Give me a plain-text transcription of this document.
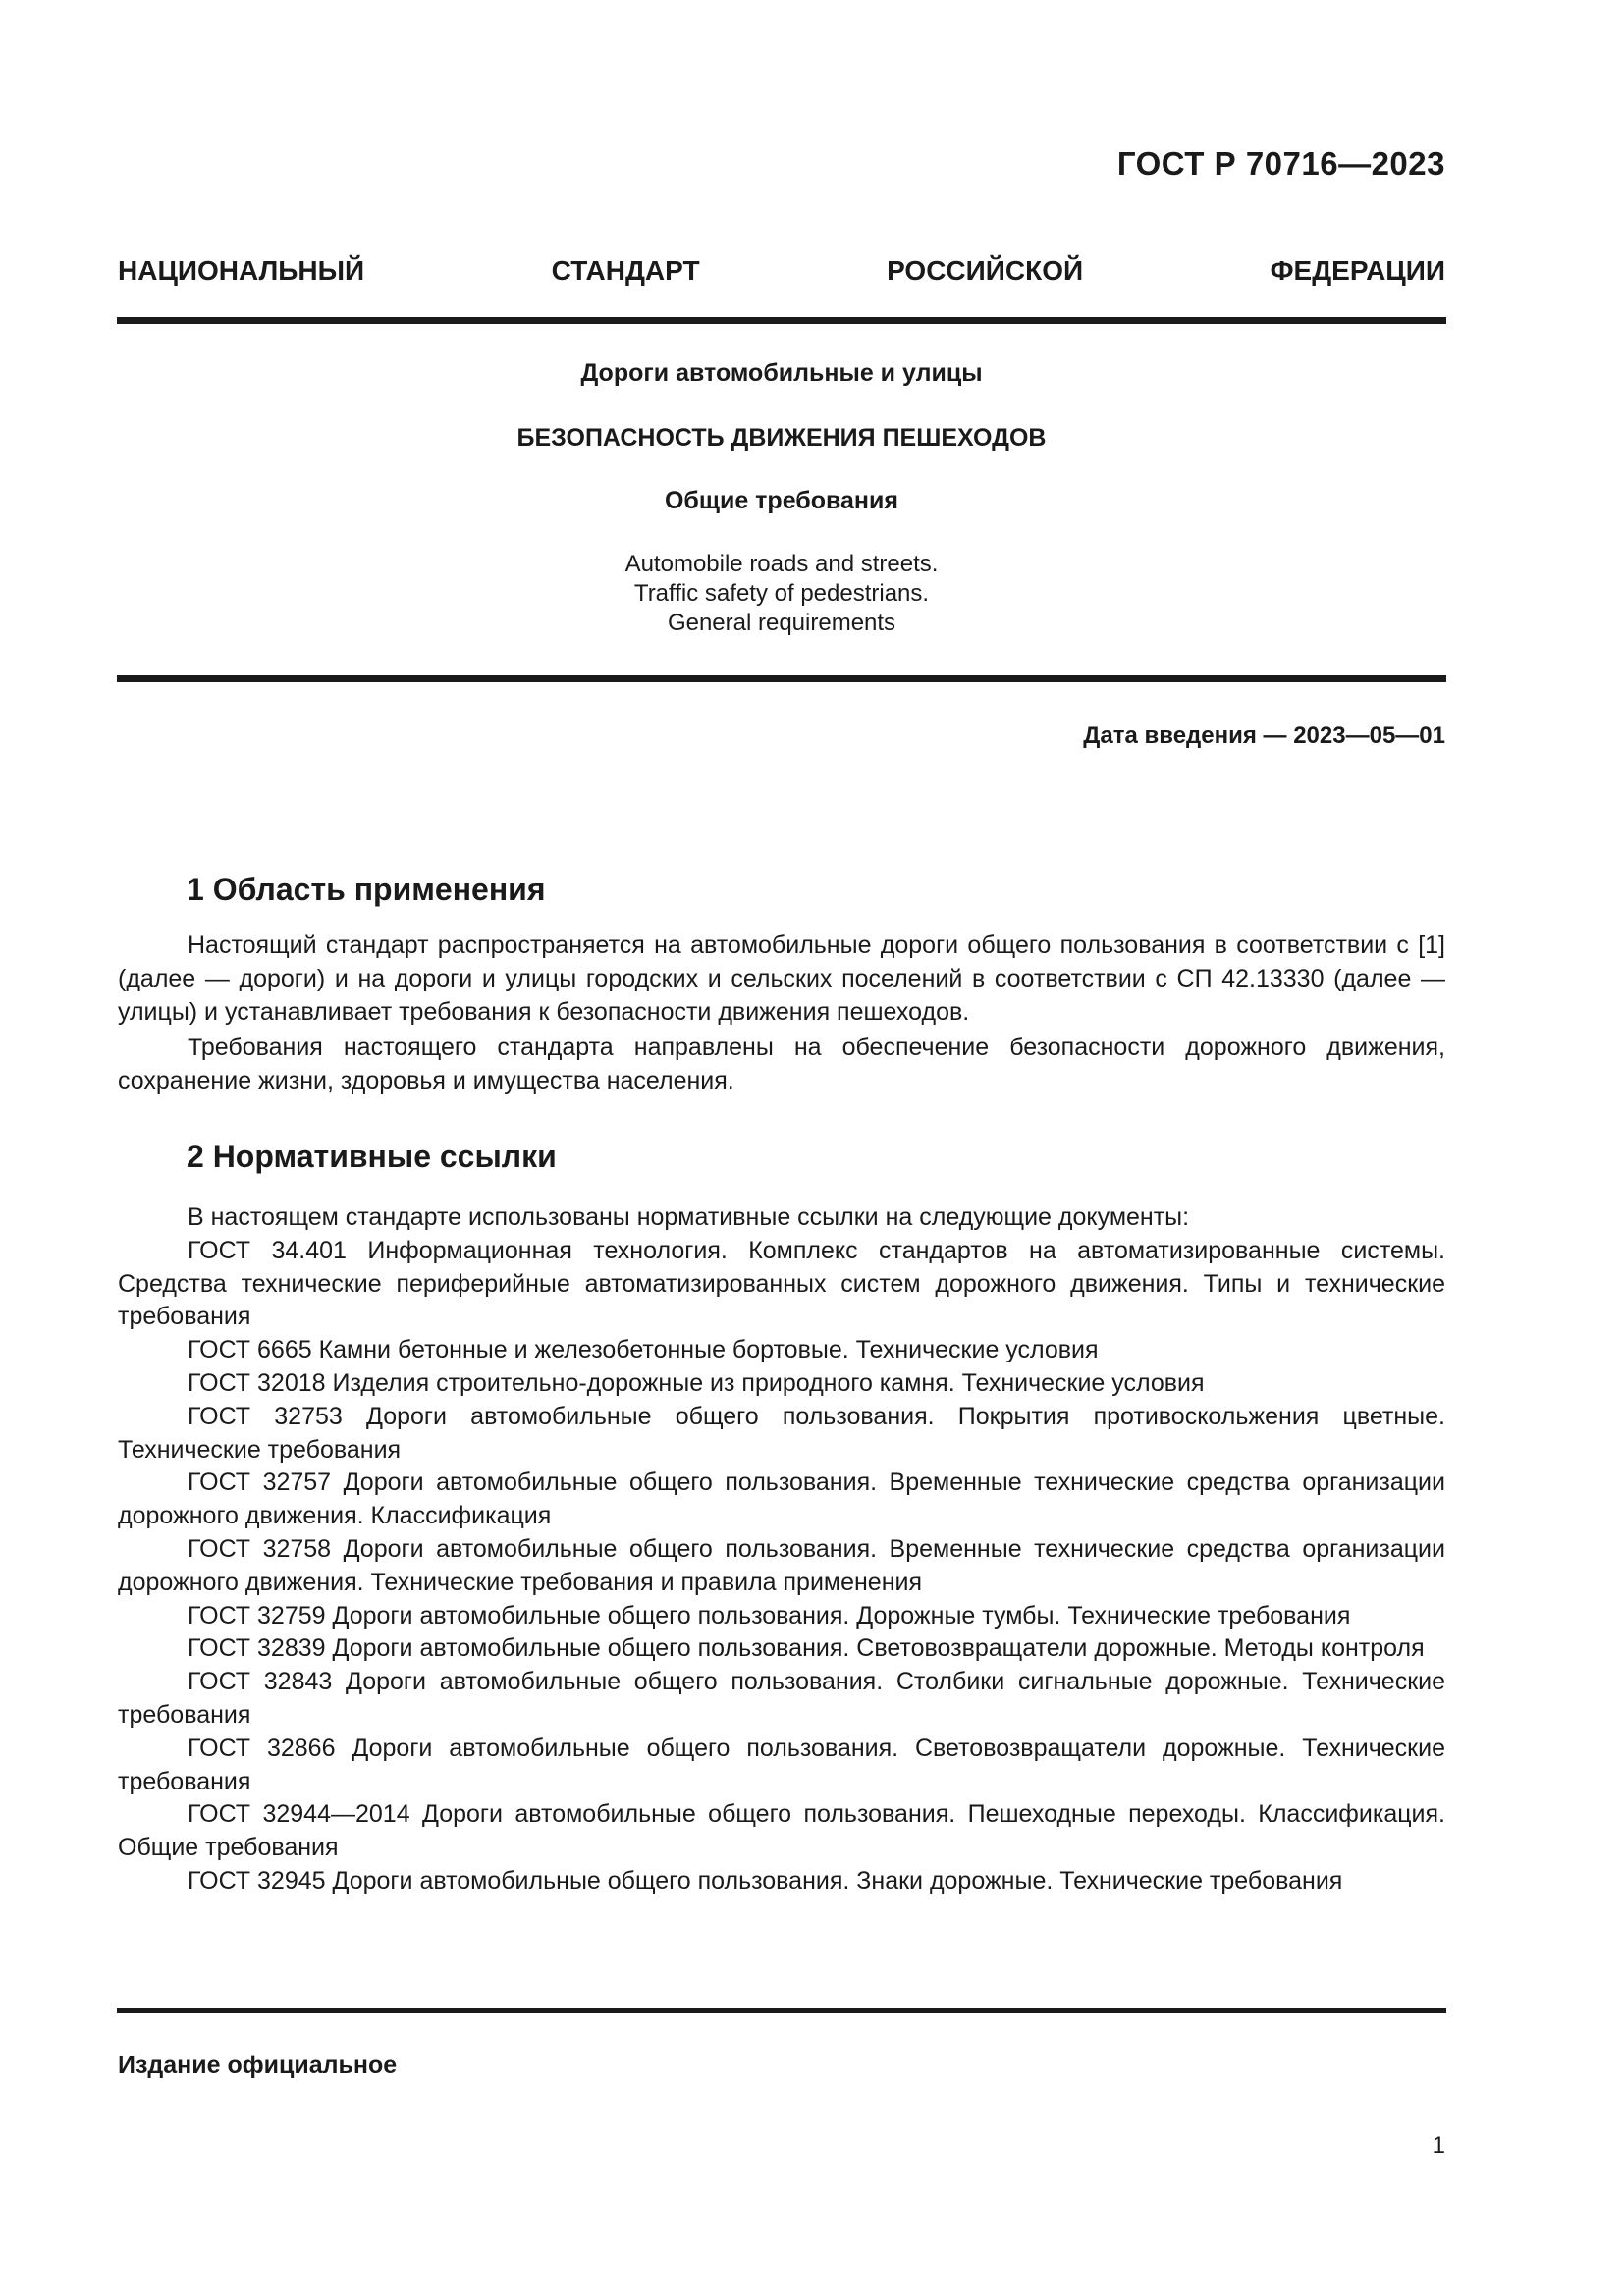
ГОСТ Р 70716—2023
НАЦИОНАЛЬНЫЙ СТАНДАРТ РОССИЙСКОЙ ФЕДЕРАЦИИ
Дороги автомобильные и улицы
БЕЗОПАСНОСТЬ ДВИЖЕНИЯ ПЕШЕХОДОВ
Общие требования
Automobile roads and streets.
Traffic safety of pedestrians.
General requirements
Дата введения — 2023—05—01
1 Область применения

Настоящий стандарт распространяется на автомобильные дороги общего пользования в соответствии с [1] (далее — дороги) и на дороги и улицы городских и сельских поселений в соответствии с СП 42.13330 (далее — улицы) и устанавливает требования к безопасности движения пешеходов.

Требования настоящего стандарта направлены на обеспечение безопасности дорожного движения, сохранение жизни, здоровья и имущества населения.

2 Нормативные ссылки
В настоящем стандарте использованы нормативные ссылки на следующие документы:
ГОСТ 34.401 Информационная технология. Комплекс стандартов на автоматизированные системы. Средства технические периферийные автоматизированных систем дорожного движения. Типы и технические требования
ГОСТ 6665 Камни бетонные и железобетонные бортовые. Технические условия
ГОСТ 32018 Изделия строительно-дорожные из природного камня. Технические условия
ГОСТ 32753 Дороги автомобильные общего пользования. Покрытия противоскольжения цветные. Технические требования
ГОСТ 32757 Дороги автомобильные общего пользования. Временные технические средства организации дорожного движения. Классификация
ГОСТ 32758 Дороги автомобильные общего пользования. Временные технические средства организации дорожного движения. Технические требования и правила применения
ГОСТ 32759 Дороги автомобильные общего пользования. Дорожные тумбы. Технические требования
ГОСТ 32839 Дороги автомобильные общего пользования. Световозвращатели дорожные. Методы контроля
ГОСТ 32843 Дороги автомобильные общего пользования. Столбики сигнальные дорожные. Технические требования
ГОСТ 32866 Дороги автомобильные общего пользования. Световозвращатели дорожные. Технические требования
ГОСТ 32944—2014 Дороги автомобильные общего пользования. Пешеходные переходы. Классификация. Общие требования
ГОСТ 32945 Дороги автомобильные общего пользования. Знаки дорожные. Технические требования
Издание официальное
1
